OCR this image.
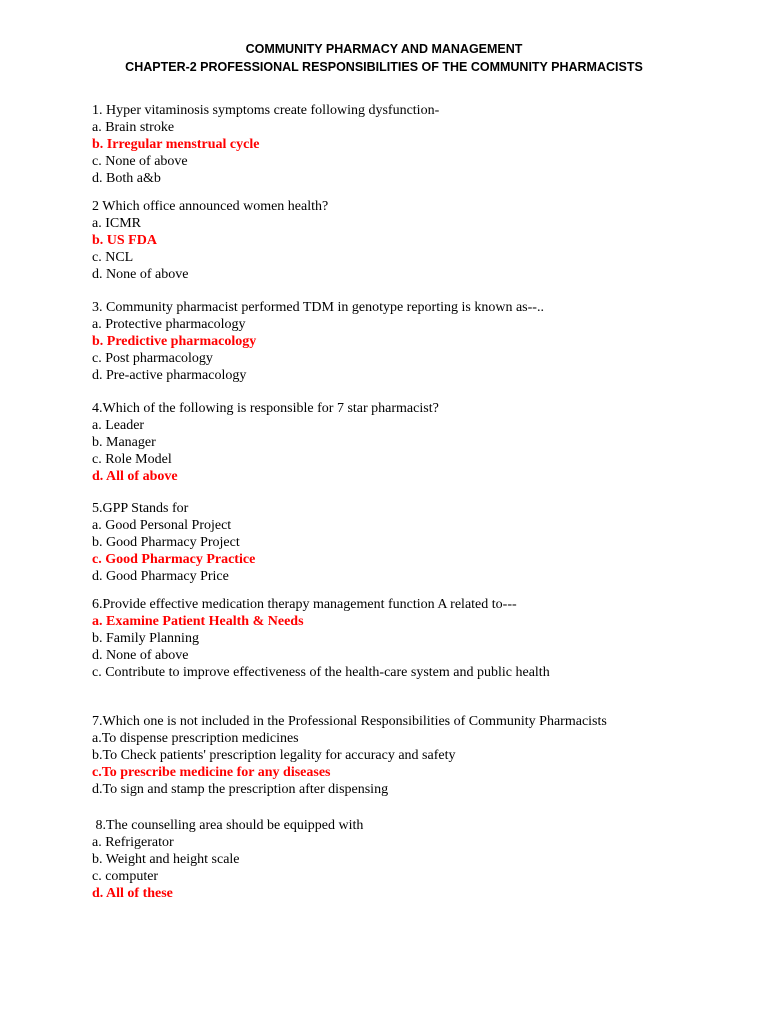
COMMUNITY PHARMACY AND MANAGEMENT
CHAPTER-2 PROFESSIONAL RESPONSIBILITIES OF THE COMMUNITY PHARMACISTS
1. Hyper vitaminosis symptoms create following dysfunction-
a. Brain stroke
b. Irregular menstrual cycle
c. None of above
d. Both a&b
2 Which office announced women health?
a. ICMR
b. US FDA
c. NCL
d. None of above
3. Community pharmacist performed TDM in genotype reporting is known as--..
a. Protective pharmacology
b. Predictive pharmacology
c. Post pharmacology
d. Pre-active pharmacology
4.Which of the following is responsible for 7 star pharmacist?
a. Leader
b. Manager
c. Role Model
d. All of above
5.GPP Stands for
a. Good Personal Project
b. Good Pharmacy Project
c. Good Pharmacy Practice
d. Good Pharmacy Price
6.Provide effective medication therapy management function A related to---
a. Examine Patient Health & Needs
b. Family Planning
d. None of above
c. Contribute to improve effectiveness of the health-care system and public health
7.Which one is not included in the Professional Responsibilities of Community Pharmacists
a.To dispense prescription medicines
b.To Check patients' prescription legality for accuracy and safety
c.To prescribe medicine for any diseases
d.To sign and stamp the prescription after dispensing
8.The counselling area should be equipped with
a. Refrigerator
b. Weight and height scale
c. computer
d. All of these
